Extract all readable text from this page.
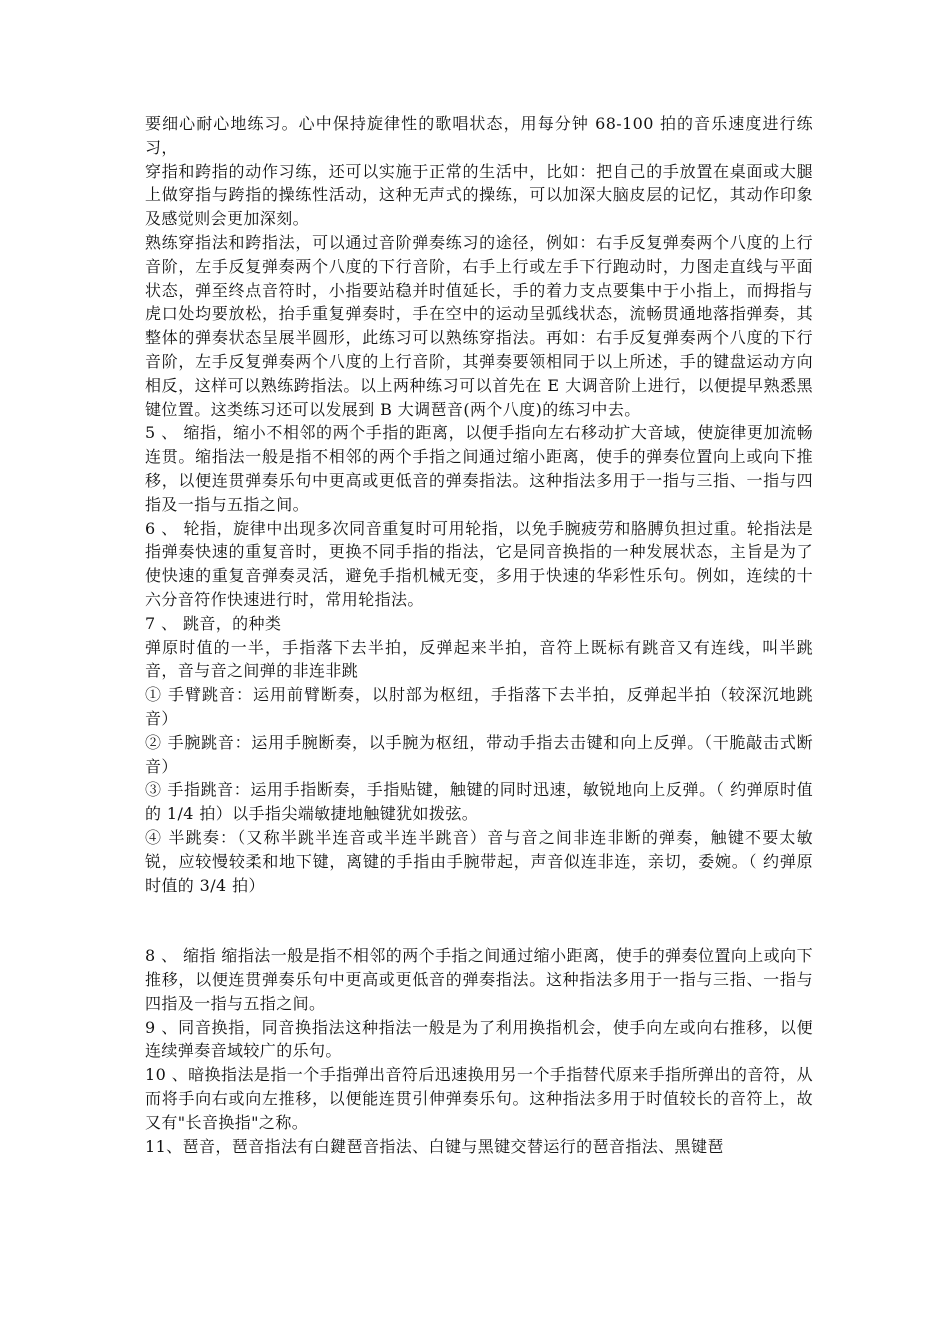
要细心耐心地练习。心中保持旋律性的歌唱状态，用每分钟 68-100 拍的音乐速度进行练习，

穿指和跨指的动作习练，还可以实施于正常的生活中，比如：把自己的手放置在桌面或大腿上做穿指与跨指的操练性活动，这种无声式的操练，可以加深大脑皮层的记忆，其动作印象及感觉则会更加深刻。

熟练穿指法和跨指法，可以通过音阶弹奏练习的途径，例如：右手反复弹奏两个八度的上行音阶，左手反复弹奏两个八度的下行音阶，右手上行或左手下行跑动时，力图走直线与平面状态，弹至终点音符时，小指要站稳并时值延长，手的着力支点要集中于小指上，而拇指与虎口处均要放松，抬手重复弹奏时，手在空中的运动呈弧线状态，流畅贯通地落指弹奏，其整体的弹奏状态呈展半圆形，此练习可以熟练穿指法。再如：右手反复弹奏两个八度的下行音阶，左手反复弹奏两个八度的上行音阶，其弹奏要领相同于以上所述，手的键盘运动方向相反，这样可以熟练跨指法。以上两种练习可以首先在 E 大调音阶上进行，以便提早熟悉黑键位置。这类练习还可以发展到 B 大调琶音(两个八度)的练习中去。

5 、 缩指，缩小不相邻的两个手指的距离，以便手指向左右移动扩大音域，使旋律更加流畅连贯。缩指法一般是指不相邻的两个手指之间通过缩小距离，使手的弹奏位置向上或向下推移，以便连贯弹奏乐句中更高或更低音的弹奏指法。这种指法多用于一指与三指、一指与四指及一指与五指之间。

6 、 轮指，旋律中出现多次同音重复时可用轮指，以免手腕疲劳和胳膊负担过重。轮指法是指弹奏快速的重复音时，更换不同手指的指法，它是同音换指的一种发展状态，主旨是为了使快速的重复音弹奏灵活，避免手指机械无变，多用于快速的华彩性乐句。例如，连续的十六分音符作快速进行时，常用轮指法。

7 、 跳音，的种类

弹原时值的一半，手指落下去半拍，反弹起来半拍，音符上既标有跳音又有连线，叫半跳音，音与音之间弹的非连非跳

① 手臂跳音：运用前臂断奏，以肘部为枢纽，手指落下去半拍，反弹起半拍（较深沉地跳音）

② 手腕跳音：运用手腕断奏，以手腕为枢纽，带动手指去击键和向上反弹。（干脆敲击式断音）

③ 手指跳音：运用手指断奏，手指贴键，触键的同时迅速，敏锐地向上反弹。（ 约弹原时值的 1/4 拍）以手指尖端敏捷地触键犹如拨弦。

④ 半跳奏：（又称半跳半连音或半连半跳音）音与音之间非连非断的弹奏，触键不要太敏锐，应较慢较柔和地下键，离键的手指由手腕带起，声音似连非连，亲切，委婉。（ 约弹原时值的 3/4 拍）

8 、 缩指 缩指法一般是指不相邻的两个手指之间通过缩小距离，使手的弹奏位置向上或向下推移，以便连贯弹奏乐句中更高或更低音的弹奏指法。这种指法多用于一指与三指、一指与四指及一指与五指之间。

9 、同音换指，同音换指法这种指法一般是为了利用换指机会，使手向左或向右推移，以便连续弹奏音域较广的乐句。

10 、暗换指法是指一个手指弹出音符后迅速换用另一个手指替代原来手指所弹出的音符，从而将手向右或向左推移，以便能连贯引伸弹奏乐句。这种指法多用于时值较长的音符上，故又有"长音换指"之称。

11、琶音，琶音指法有白鍵琶音指法、白键与黑键交替运行的琶音指法、黑键琶
